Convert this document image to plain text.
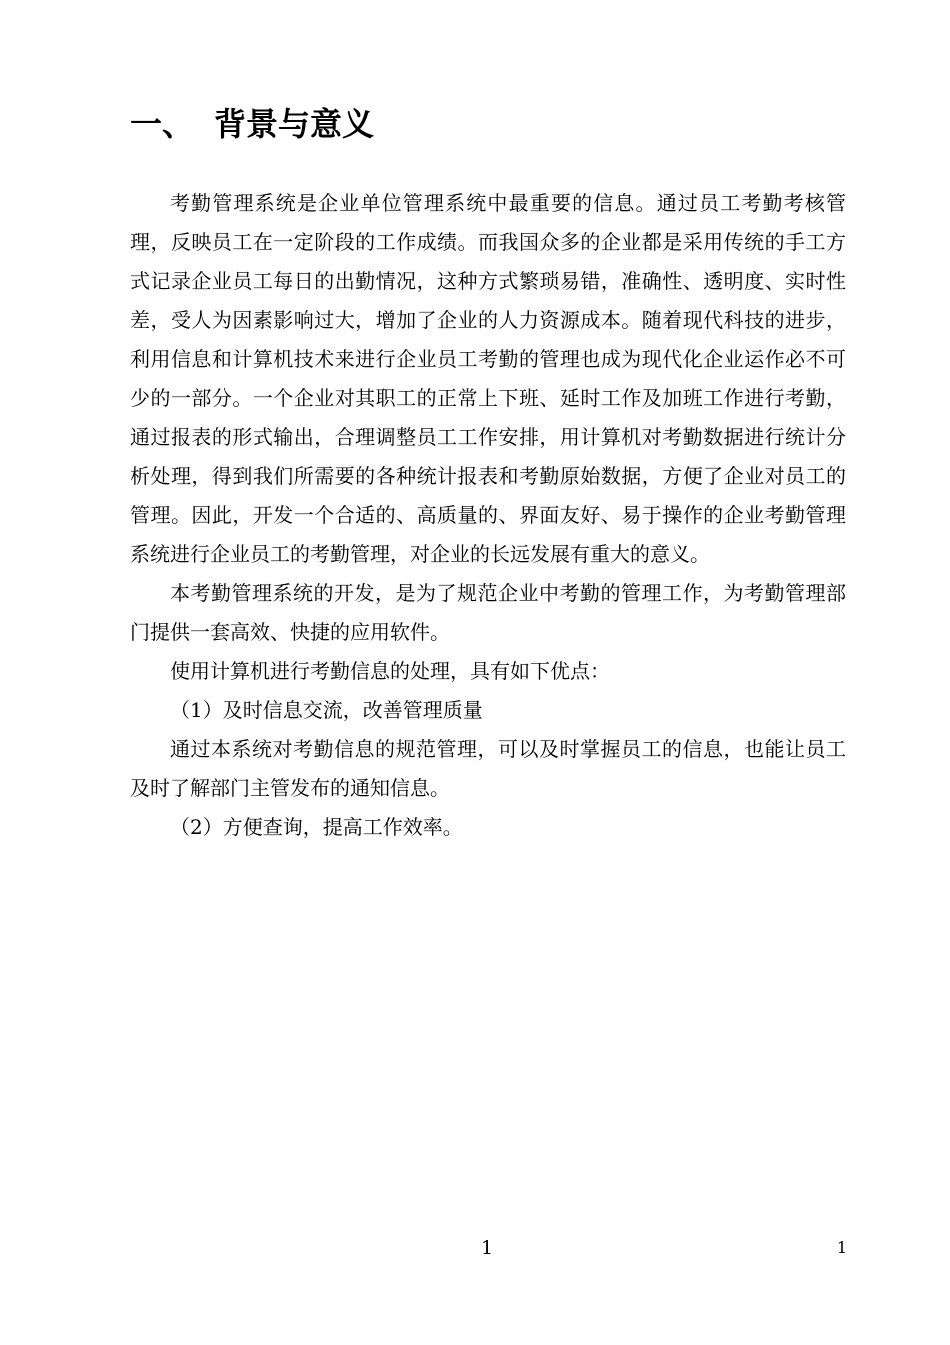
一、 背景与意义

考勤管理系统是企业单位管理系统中最重要的信息。通过员工考勤考核管理，反映员工在一定阶段的工作成绩。而我国众多的企业都是采用传统的手工方式记录企业员工每日的出勤情况，这种方式繁琐易错，准确性、透明度、实时性差，受人为因素影响过大，增加了企业的人力资源成本。随着现代科技的进步，利用信息和计算机技术来进行企业员工考勤的管理也成为现代化企业运作必不可少的一部分。一个企业对其职工的正常上下班、延时工作及加班工作进行考勤，通过报表的形式输出，合理调整员工工作安排，用计算机对考勤数据进行统计分析处理，得到我们所需要的各种统计报表和考勤原始数据，方便了企业对员工的管理。因此，开发一个合适的、高质量的、界面友好、易于操作的企业考勤管理系统进行企业员工的考勤管理，对企业的长远发展有重大的意义。

本考勤管理系统的开发，是为了规范企业中考勤的管理工作，为考勤管理部门提供一套高效、快捷的应用软件。

使用计算机进行考勤信息的处理，具有如下优点：

（1）及时信息交流，改善管理质量

通过本系统对考勤信息的规范管理，可以及时掌握员工的信息，也能让员工及时了解部门主管发布的通知信息。

（2）方便查询，提高工作效率。

1	1
